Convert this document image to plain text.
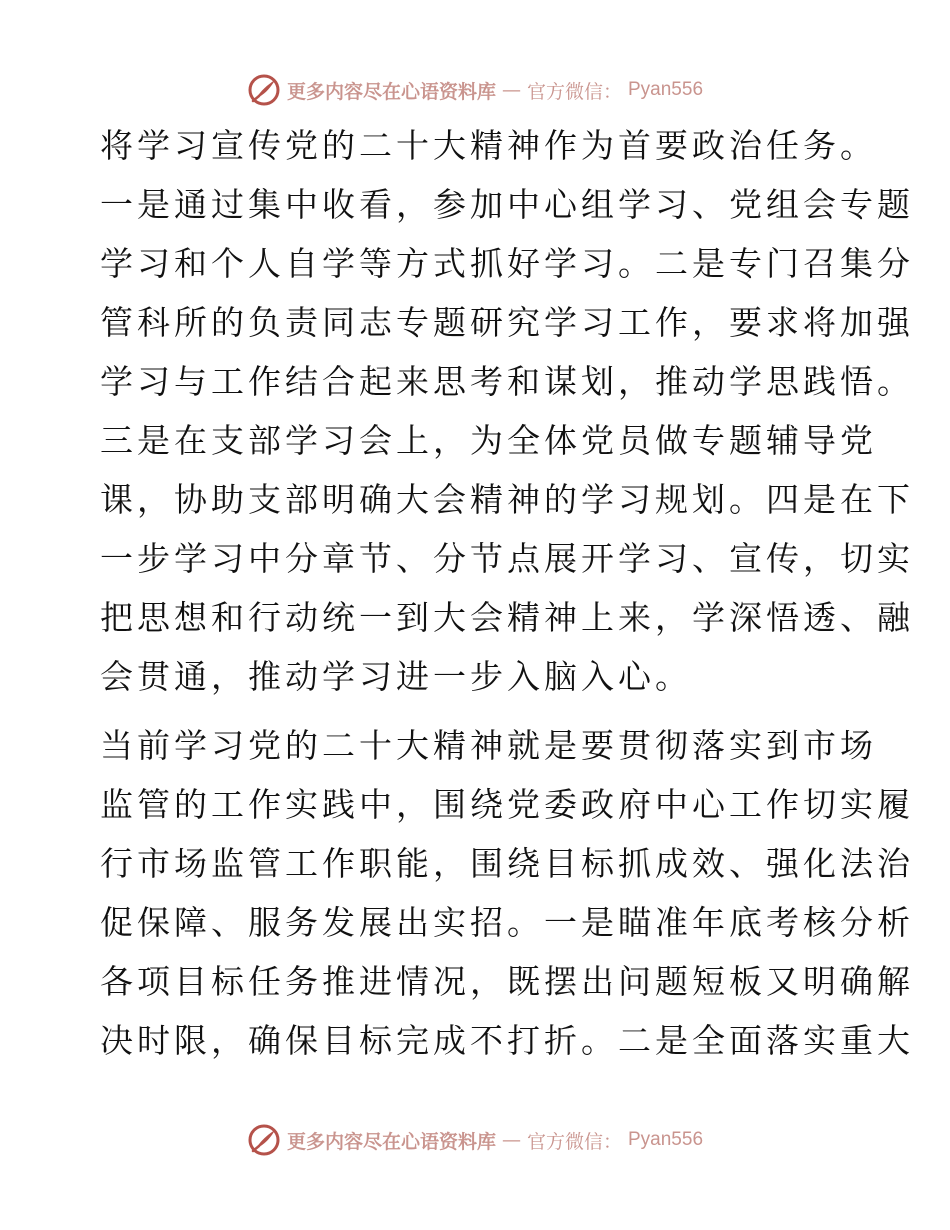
更多内容尽在心语资料库 — 官方微信： Pyan556
将学习宣传党的二十大精神作为首要政治任务。
一是通过集中收看，参加中心组学习、党组会专题
学习和个人自学等方式抓好学习。二是专门召集分
管科所的负责同志专题研究学习工作，要求将加强
学习与工作结合起来思考和谋划，推动学思践悟。
三是在支部学习会上，为全体党员做专题辅导党
课，协助支部明确大会精神的学习规划。四是在下
一步学习中分章节、分节点展开学习、宣传，切实
把思想和行动统一到大会精神上来，学深悟透、融
会贯通，推动学习进一步入脑入心。
当前学习党的二十大精神就是要贯彻落实到市场
监管的工作实践中，围绕党委政府中心工作切实履
行市场监管工作职能，围绕目标抓成效、强化法治
促保障、服务发展出实招。一是瞄准年底考核分析
各项目标任务推进情况，既摆出问题短板又明确解
决时限，确保目标完成不打折。二是全面落实重大
更多内容尽在心语资料库 — 官方微信： Pyan556
